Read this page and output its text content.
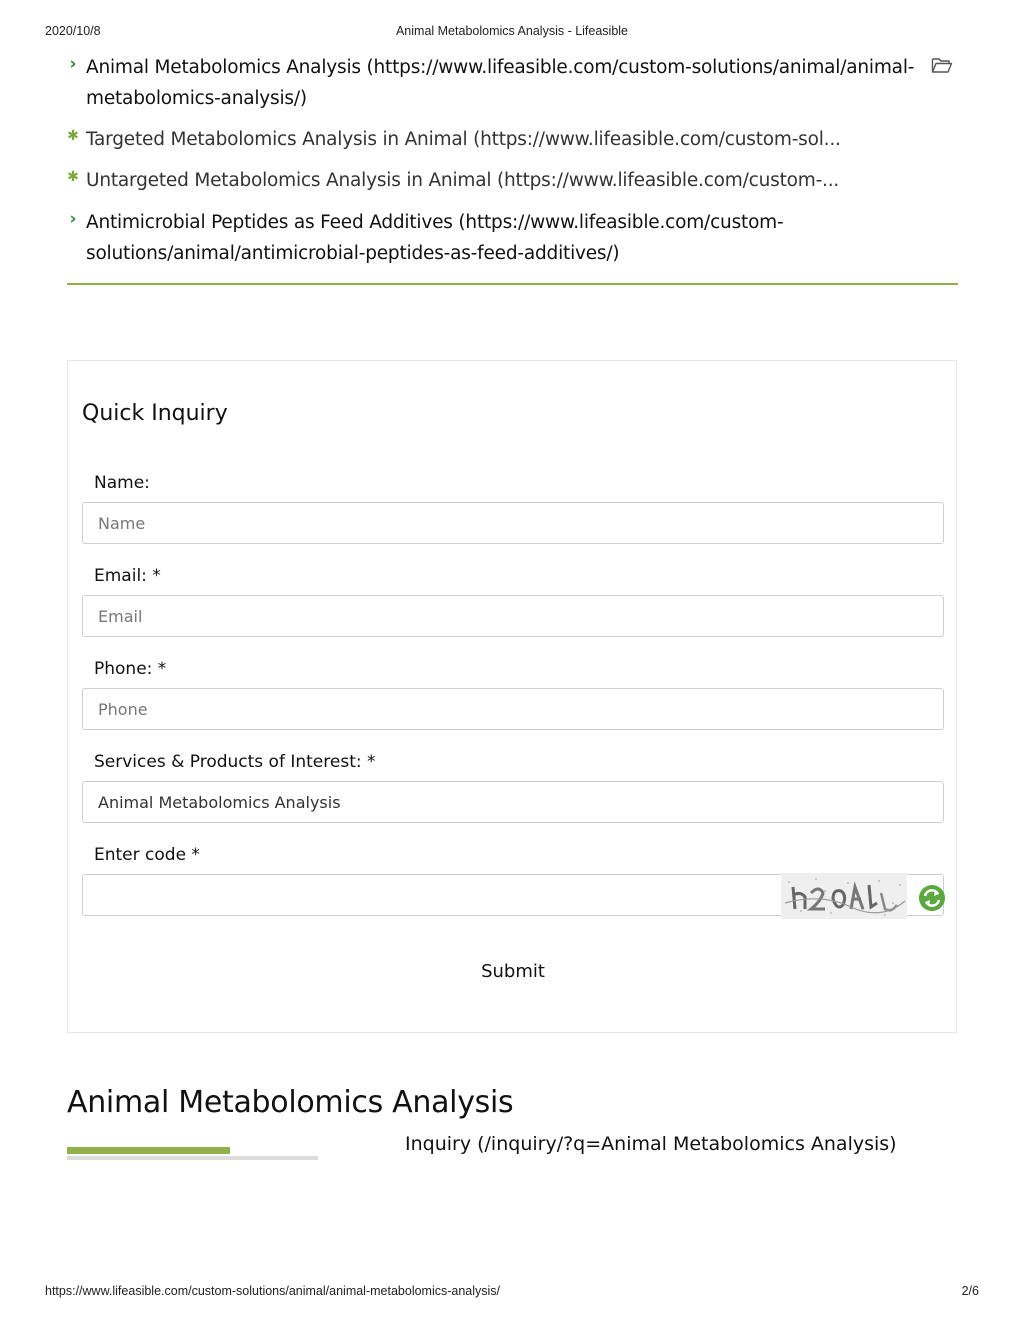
2020/10/8	Animal Metabolomics Analysis - Lifeasible
› Animal Metabolomics Analysis (https://www.lifeasible.com/custom-solutions/animal/animal-metabolomics-analysis/)
✱ Targeted Metabolomics Analysis in Animal (https://www.lifeasible.com/custom-sol...
✱ Untargeted Metabolomics Analysis in Animal (https://www.lifeasible.com/custom-...
› Antimicrobial Peptides as Feed Additives (https://www.lifeasible.com/custom-solutions/animal/antimicrobial-peptides-as-feed-additives/)
Quick Inquiry
Name:
Name
Email: *
Email
Phone: *
Phone
Services & Products of Interest: *
Animal Metabolomics Analysis
Enter code *
Submit
Animal Metabolomics Analysis
Inquiry (/inquiry/?q=Animal Metabolomics Analysis)
https://www.lifeasible.com/custom-solutions/animal/animal-metabolomics-analysis/	2/6
